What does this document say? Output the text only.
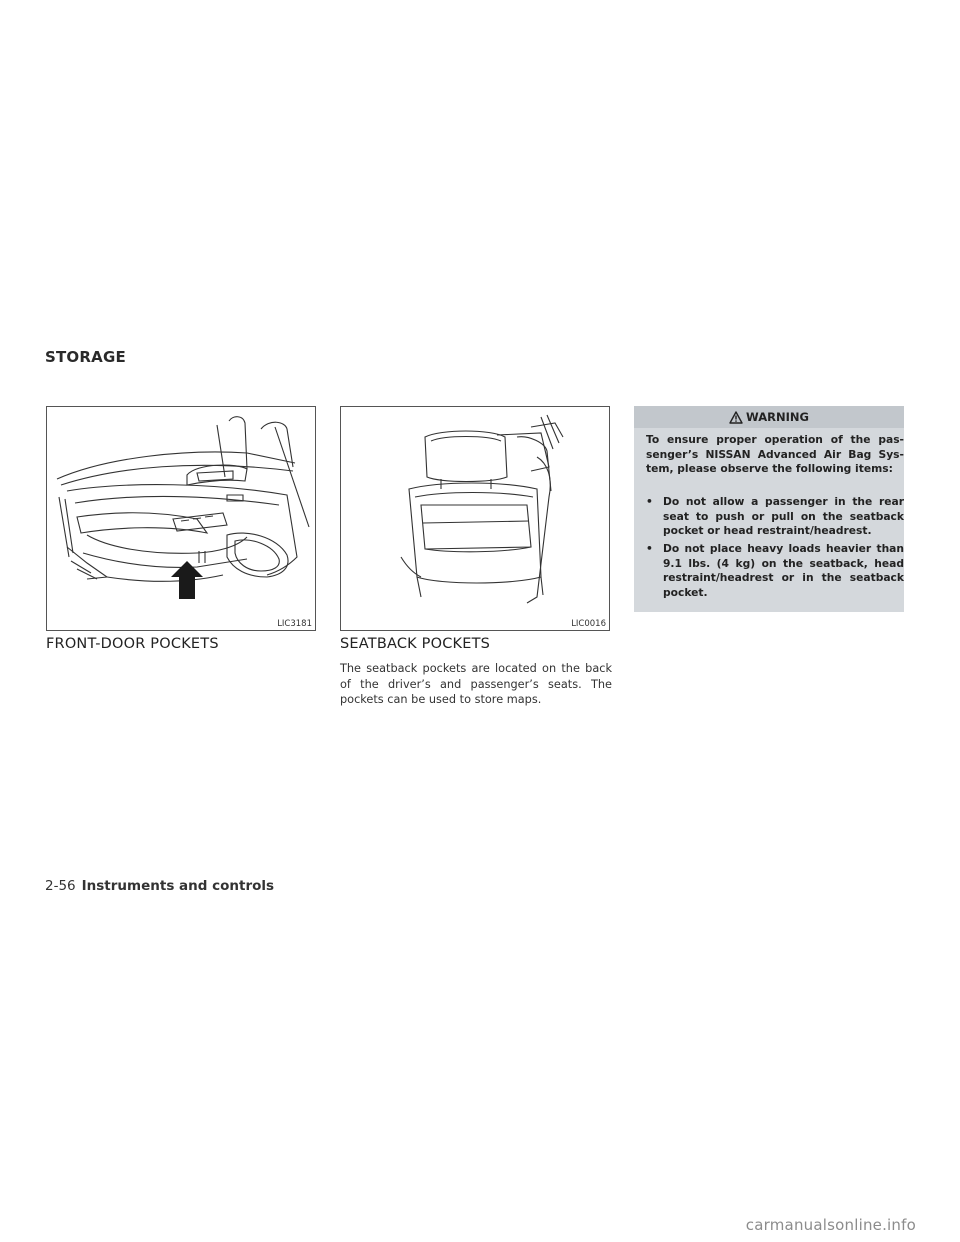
STORAGE
LIC3181	LIC0016
FRONT-DOOR POCKETS	SEATBACK POCKETS

The seatback pockets are located on the back of the driver’s and passenger’s seats. The pockets can be used to store maps.

WARNING

To ensure proper operation of the pas-senger’s NISSAN Advanced Air Bag Sys-tem, please observe the following items:

• Do not allow a passenger in the rear seat to push or pull on the seatback pocket or head restraint/headrest.
• Do not place heavy loads heavier than 9.1 lbs. (4 kg) on the seatback, head restraint/headrest or in the seatback pocket.
2-56 Instruments and controls
carmanualsonline.info
